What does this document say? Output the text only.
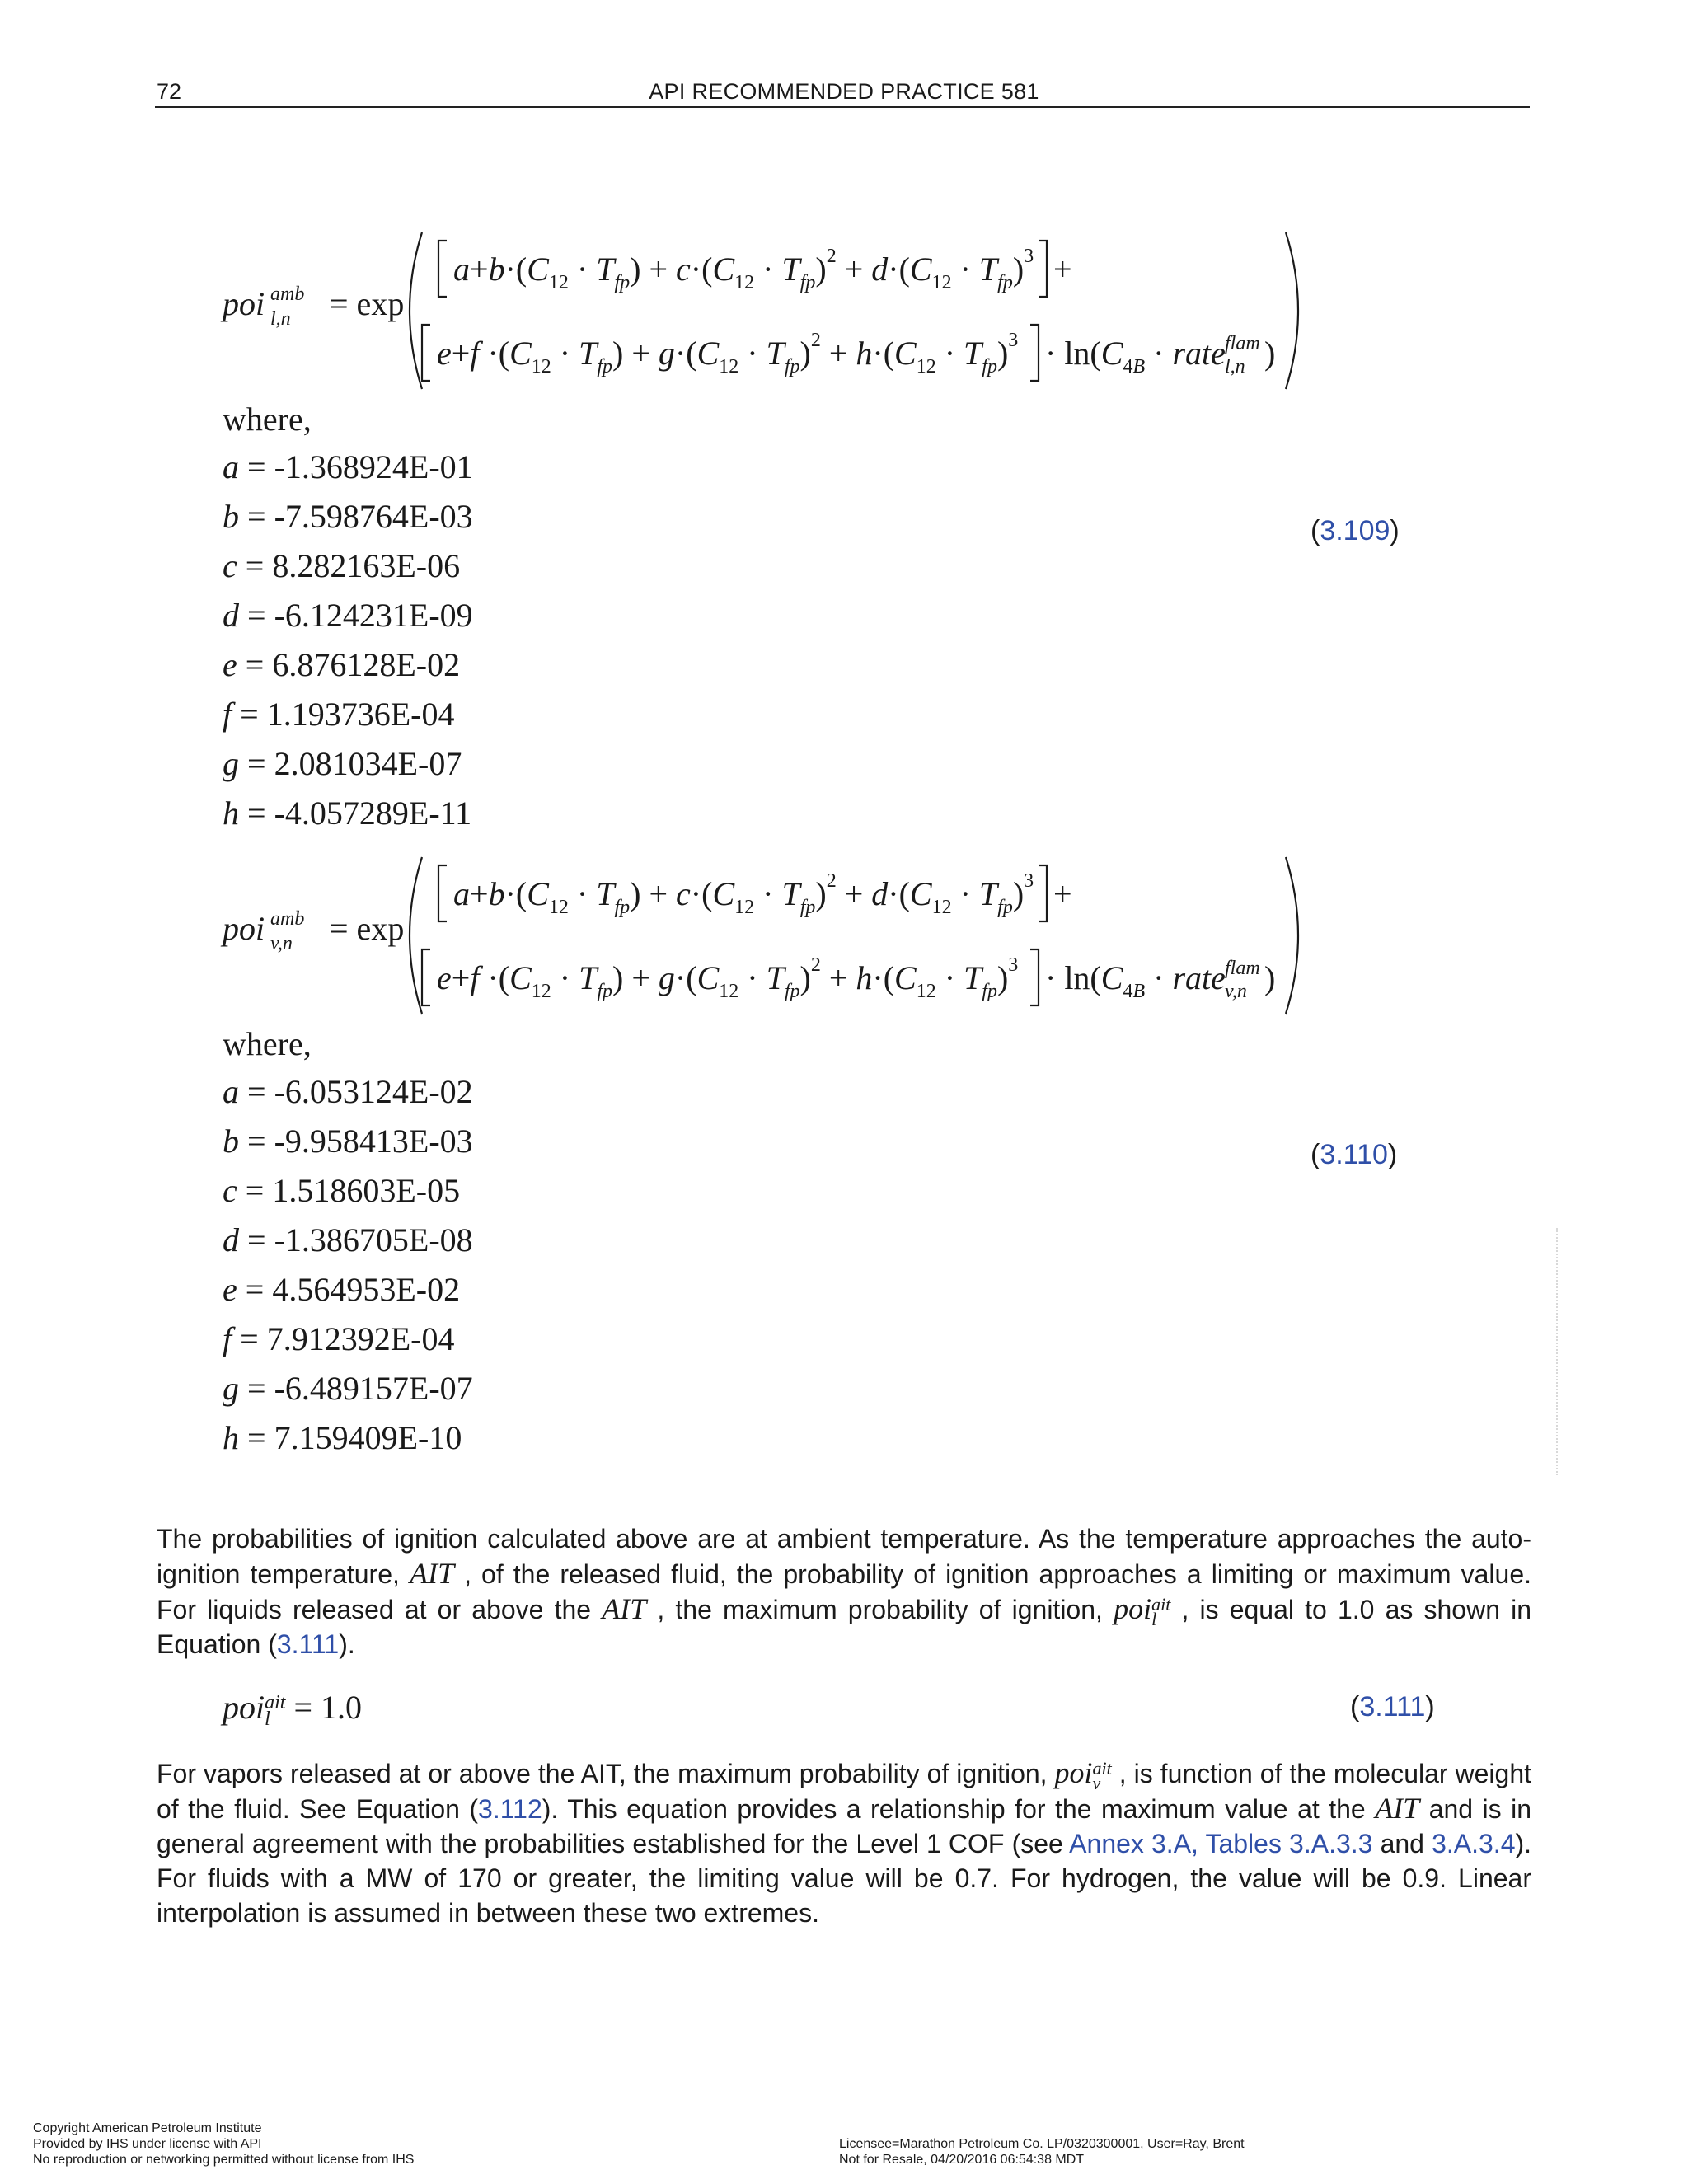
72	API RECOMMENDED PRACTICE 581
poi amb
l,n = exp
$a+b\cdot(C_{12} \cdot T_{fp}) + c\cdot(C_{12} \cdot T_{fp})^2 + d\cdot(C_{12} \cdot T_{fp})^3$ +
$e+f \cdot(C_{12} \cdot T_{fp}) + g\cdot(C_{12} \cdot T_{fp})^2 + h\cdot(C_{12} \cdot T_{fp})^3 \cdot \ln(C_{4B}$ · rate flam
l,n )
where,
a = -1.368924E-01
b = -7.598764E-03
c = 8.282163E-06
d = -6.124231E-09
e = 6.876128E-02
f = 1.193736E-04
g = 2.081034E-07
h = -4.057289E-11
(3.109)
poi amb
v,n = exp
$a+b\cdot(C_{12} \cdot T_{fp}) + c\cdot(C_{12} \cdot T_{fp})^2 + d\cdot(C_{12} \cdot T_{fp})^3$ +
$e+f \cdot(C_{12} \cdot T_{fp}) + g\cdot(C_{12} \cdot T_{fp})^2 + h\cdot(C_{12} \cdot T_{fp})^3 \cdot \ln(C_{4B}$ · rate flam
v,n )
where,
a = -6.053124E-02
b = -9.958413E-03
c = 1.518603E-05
d = -1.386705E-08
e = 4.564953E-02
f = 7.912392E-04
g = -6.489157E-07
h = 7.159409E-10
(3.110)
The probabilities of ignition calculated above are at ambient temperature. As the temperature approaches the auto-ignition temperature, AIT , of the released fluid, the probability of ignition approaches a limiting or maximum value. For liquids released at or above the AIT , the maximum probability of ignition, poi ait
l , is equal to 1.0 as shown in Equation (3.111).
poi ait
l = 1.0	(3.111)
For vapors released at or above the AIT, the maximum probability of ignition, poi ait
v , is function of the molecular weight of the fluid. See Equation (3.112). This equation provides a relationship for the maximum value at the AIT and is in general agreement with the probabilities established for the Level 1 COF (see Annex 3.A, Tables 3.A.3.3 and 3.A.3.4). For fluids with a MW of 170 or greater, the limiting value will be 0.7. For hydrogen, the value will be 0.9. Linear interpolation is assumed in between these two extremes.
Copyright American Petroleum Institute
Provided by IHS under license with API
No reproduction or networking permitted without license from IHS
Licensee=Marathon Petroleum Co. LP/0320300001, User=Ray, Brent
Not for Resale, 04/20/2016 06:54:38 MDT
